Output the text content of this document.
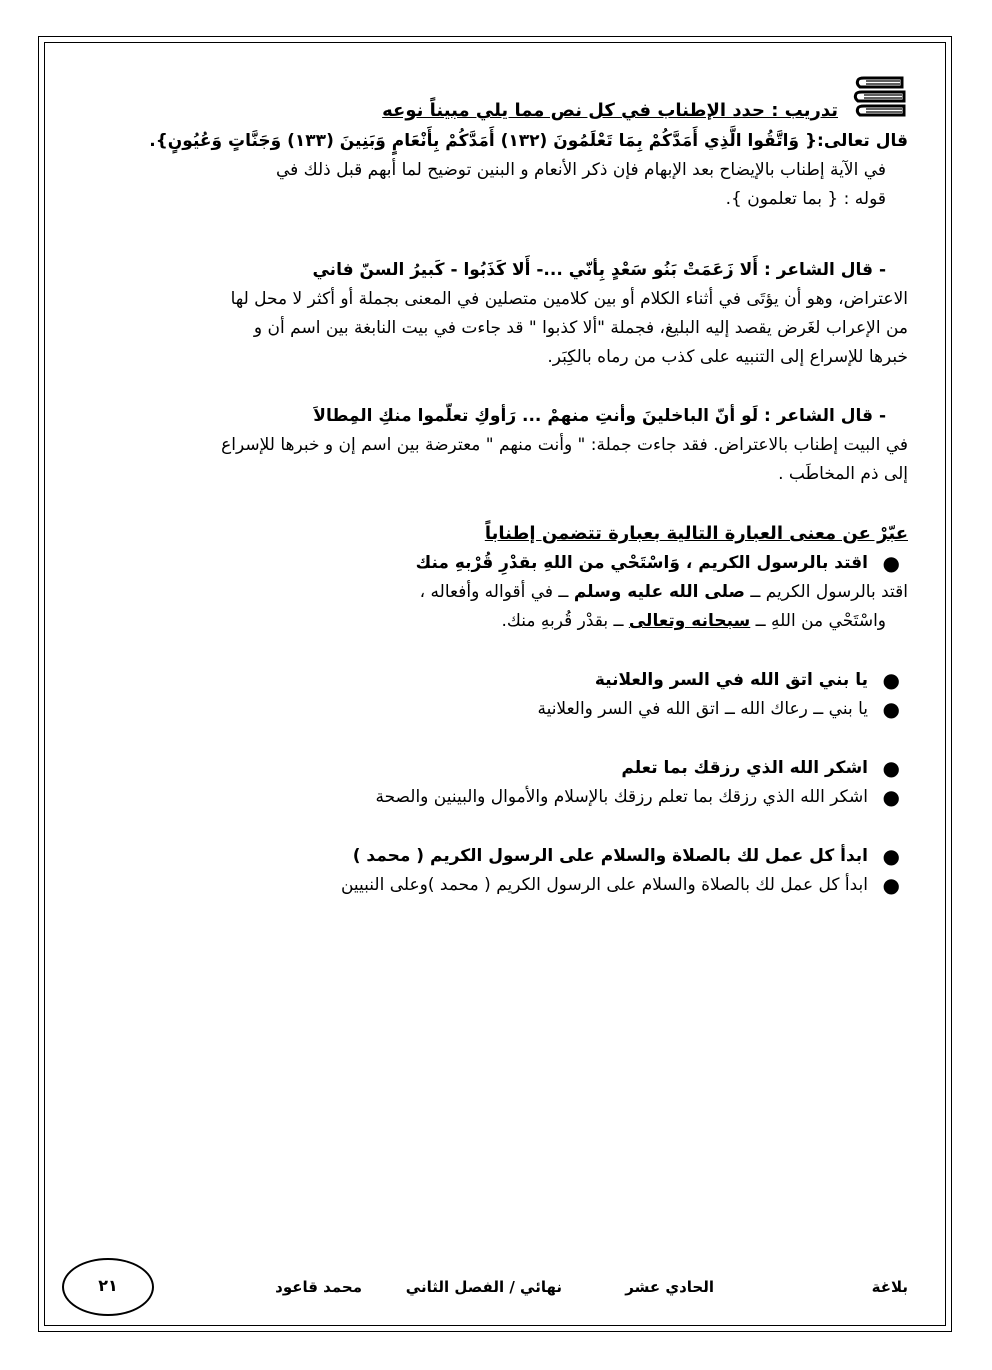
تدريب : حدد الإطناب في كل نص مما يلي مبيناً نوعه
قال تعالى:{ وَاتَّقُوا الَّذِي أَمَدَّكُمْ بِمَا تَعْلَمُونَ (١٣٢) أَمَدَّكُمْ بِأَنْعَامٍ وَبَنِينَ (١٣٣) وَجَنَّاتٍ وَعُيُونٍ}.
في الآية إطناب بالإيضاح بعد الإبهام فإن ذكر الأنعام و البنين توضيح لما أبهم قبل ذلك في
قوله : { بما تعلمون }.
- قال الشاعر : أَلا زَعَمَتْ بَنُو سَعْدٍ بِأنّي ...- أَلا كَذَبُوا - كَبيرُ السنّ فاني
الاعتراض، وهو أن يؤتَى في أثناء الكلام أو بين كلامين متصلين في المعنى بجملة أو أكثر لا محل لها
من الإعراب لغَرض يقصد إليه البليغ، فجملة "ألا كذبوا " قد جاءت في بيت النابغة بين اسم أن و
خبرها للإسراع إلى التنبيه على كذب من رماه بالكِبَر.
- قال الشاعر : لَو أنّ الباخلينَ وأنتِ منهمْ ... رَأوكِ تعلّموا منكِ المِطالاَ
في البيت إطناب بالاعتراض. فقد جاءت جملة: " وأنت منهم " معترضة بين اسم إن و خبرها للإسراع
إلى ذم المخاطَب .
عبّرْ عن معنى العبارة التالية بعبارة تتضمن إطناباً
●
اقتد بالرسول الكريم ، وَاسْتَحْي من اللهِ بقدْرِ قُرْبهِ منك
اقتد بالرسول الكريم ــ صلى الله عليه وسلم ــ في أقواله وأفعاله ،
واسْتَحْي من اللهِ ــ سبحانه وتعالى ــ بقدْر قُربهِ منك.
●
يا بني اتق الله في السر والعلانية
●
يا بني ــ رعاك الله ــ اتق الله في السر والعلانية
●
اشكر الله الذي رزقك بما تعلم
●
اشكر الله الذي رزقك بما تعلم رزقك بالإسلام والأموال والبينين والصحة
●
ابدأ كل عمل لك بالصلاة والسلام على الرسول الكريم ( محمد )
●
ابدأ كل عمل لك بالصلاة والسلام على الرسول الكريم ( محمد )وعلى النبيين
بلاغة
الحادي عشر
نهائي / الفصل الثاني
محمد قاعود
٢١
